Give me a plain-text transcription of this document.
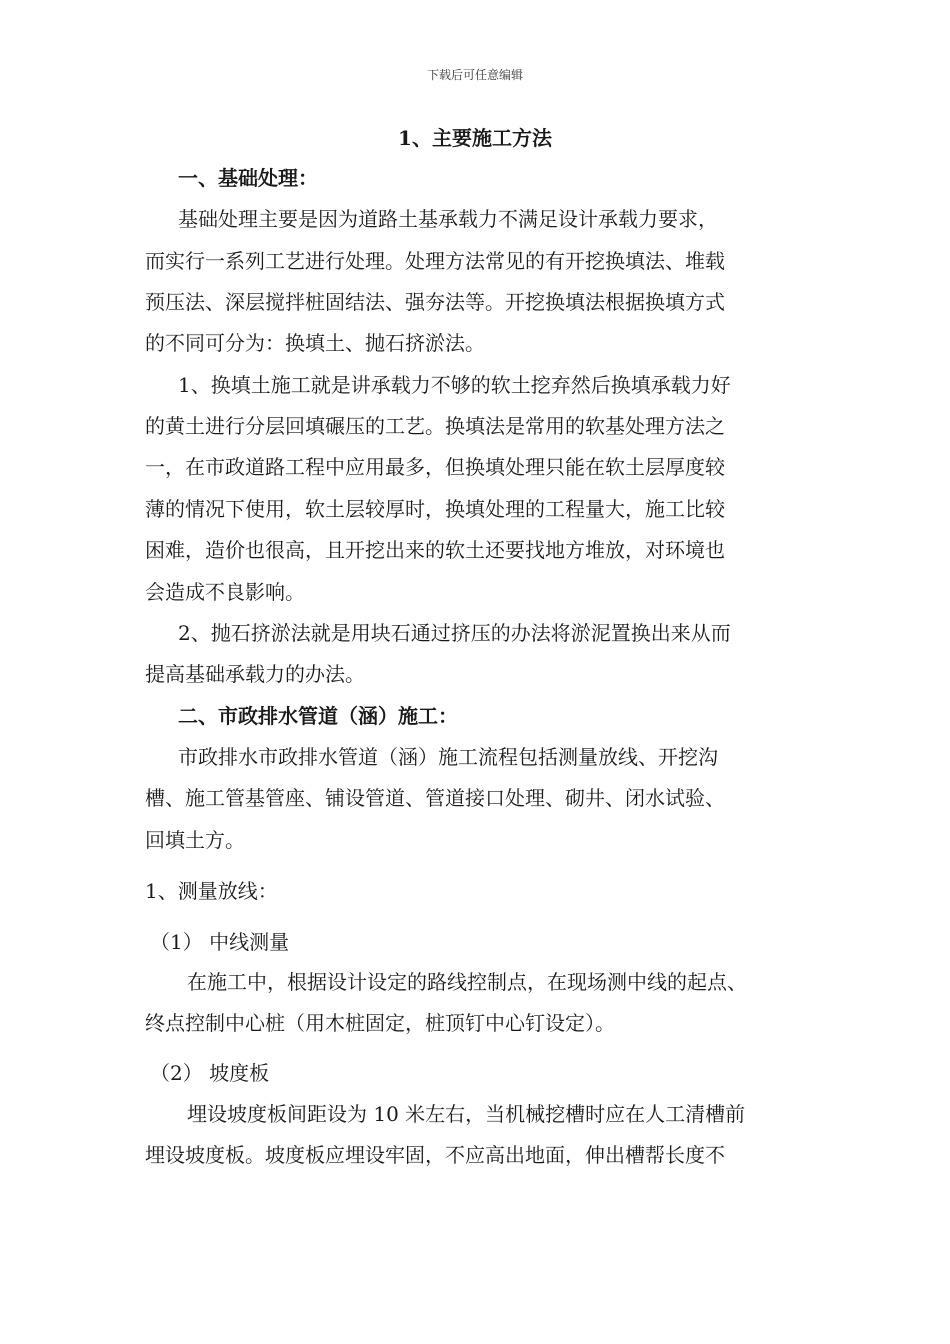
下载后可任意编辑
1、主要施工方法
一、基础处理：
基础处理主要是因为道路土基承载力不满足设计承载力要求，
而实行一系列工艺进行处理。处理方法常见的有开挖换填法、堆载
预压法、深层搅拌桩固结法、强夯法等。开挖换填法根据换填方式
的不同可分为：换填土、抛石挤淤法。
1、换填土施工就是讲承载力不够的软土挖弃然后换填承载力好
的黄土进行分层回填碾压的工艺。换填法是常用的软基处理方法之
一，在市政道路工程中应用最多，但换填处理只能在软土层厚度较
薄的情况下使用，软土层较厚时，换填处理的工程量大，施工比较
困难，造价也很高，且开挖出来的软土还要找地方堆放，对环境也
会造成不良影响。
2、抛石挤淤法就是用块石通过挤压的办法将淤泥置换出来从而
提高基础承载力的办法。
二、市政排水管道（涵）施工：
市政排水市政排水管道（涵）施工流程包括测量放线、开挖沟
槽、施工管基管座、铺设管道、管道接口处理、砌井、闭水试验、
回填土方。
1、测量放线：
（1） 中线测量
在施工中，根据设计设定的路线控制点，在现场测中线的起点、
终点控制中心桩（用木桩固定，桩顶钉中心钉设定）。
（2） 坡度板
埋设坡度板间距设为 10 米左右，当机械挖槽时应在人工清槽前
埋设坡度板。坡度板应埋设牢固，不应高出地面，伸出槽帮长度不
